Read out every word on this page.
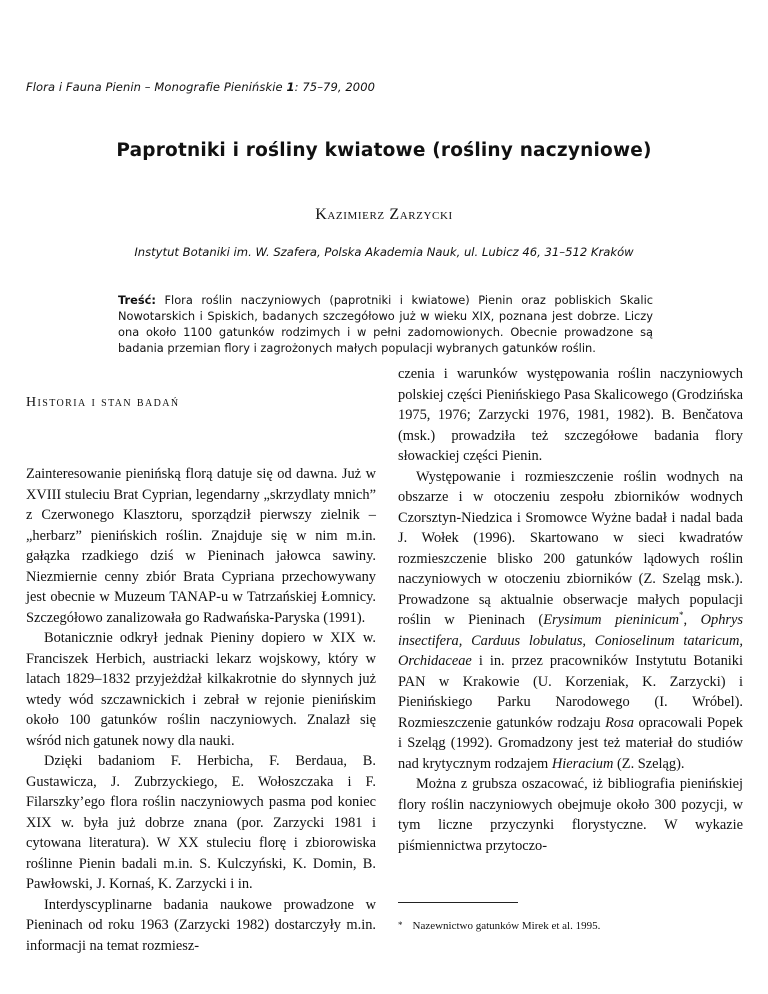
Flora i Fauna Pienin – Monografie Pienińskie 1: 75–79, 2000
Paprotniki i rośliny kwiatowe (rośliny naczyniowe)
Kazimierz Zarzycki
Instytut Botaniki im. W. Szafera, Polska Akademia Nauk, ul. Lubicz 46, 31–512 Kraków
Treść: Flora roślin naczyniowych (paprotniki i kwiatowe) Pienin oraz pobliskich Skalic Nowotarskich i Spiskich, badanych szczegółowo już w wieku XIX, poznana jest dobrze. Liczy ona około 1100 gatunków rodzimych i w pełni zadomowionych. Obecnie prowadzone są badania przemian flory i zagrożonych małych populacji wybranych gatunków roślin.
Historia i stan badań

Zainteresowanie pienińską florą datuje się od dawna. Już w XVIII stuleciu Brat Cyprian, legendarny „skrzydlaty mnich” z Czerwonego Klasztoru, sporządził pierwszy zielnik – „herbarz” pienińskich roślin. Znajduje się w nim m.in. gałązka rzadkiego dziś w Pieninach jałowca sawiny. Niezmiernie cenny zbiór Brata Cypriana przechowywany jest obecnie w Muzeum TANAP-u w Tatrzańskiej Łomnicy. Szczegółowo zanalizowała go Radwańska-Paryska (1991).

Botanicznie odkrył jednak Pieniny dopiero w XIX w. Franciszek Herbich, austriacki lekarz wojskowy, który w latach 1829–1832 przyjeżdżał kilkakrotnie do słynnych już wtedy wód szczawnickich i zebrał w rejonie pienińskim około 100 gatunków roślin naczyniowych. Znalazł się wśród nich gatunek nowy dla nauki.

Dzięki badaniom F. Herbicha, F. Berdaua, B. Gustawicza, J. Zubrzyckiego, E. Wołoszczaka i F. Filarszky’ego flora roślin naczyniowych pasma pod koniec XIX w. była już dobrze znana (por. Zarzycki 1981 i cytowana literatura). W XX stuleciu florę i zbiorowiska roślinne Pienin badali m.in. S. Kulczyński, K. Domin, B. Pawłowski, J. Kornaś, K. Zarzycki i in.

Interdyscyplinarne badania naukowe prowadzone w Pieninach od roku 1963 (Zarzycki 1982) dostarczyły m.in. informacji na temat rozmiesz-

czenia i warunków występowania roślin naczyniowych polskiej części Pienińskiego Pasa Skalicowego (Grodzińska 1975, 1976; Zarzycki 1976, 1981, 1982). B. Benčatova (msk.) prowadziła też szczegółowe badania flory słowackiej części Pienin.

Występowanie i rozmieszczenie roślin wodnych na obszarze i w otoczeniu zespołu zbiorników wodnych Czorsztyn-Niedzica i Sromowce Wyżne badał i nadal bada J. Wołek (1996). Skartowano w sieci kwadratów rozmieszczenie blisko 200 gatunków lądowych roślin naczyniowych w otoczeniu zbiorników (Z. Szeląg msk.). Prowadzone są aktualnie obserwacje małych populacji roślin w Pieninach (Erysimum pieninicum*, Ophrys insectifera, Carduus lobulatus, Conioselinum tataricum, Orchidaceae i in. przez pracowników Instytutu Botaniki PAN w Krakowie (U. Korzeniak, K. Zarzycki) i Pienińskiego Parku Narodowego (I. Wróbel). Rozmieszczenie gatunków rodzaju Rosa opracowali Popek i Szeląg (1992). Gromadzony jest też materiał do studiów nad krytycznym rodzajem Hieracium (Z. Szeląg).

Można z grubsza oszacować, iż bibliografia pienińskiej flory roślin naczyniowych obejmuje około 300 pozycji, w tym liczne przyczynki florystyczne. W wykazie piśmiennictwa przytoczo-

* Nazewnictwo gatunków Mirek et al. 1995.
